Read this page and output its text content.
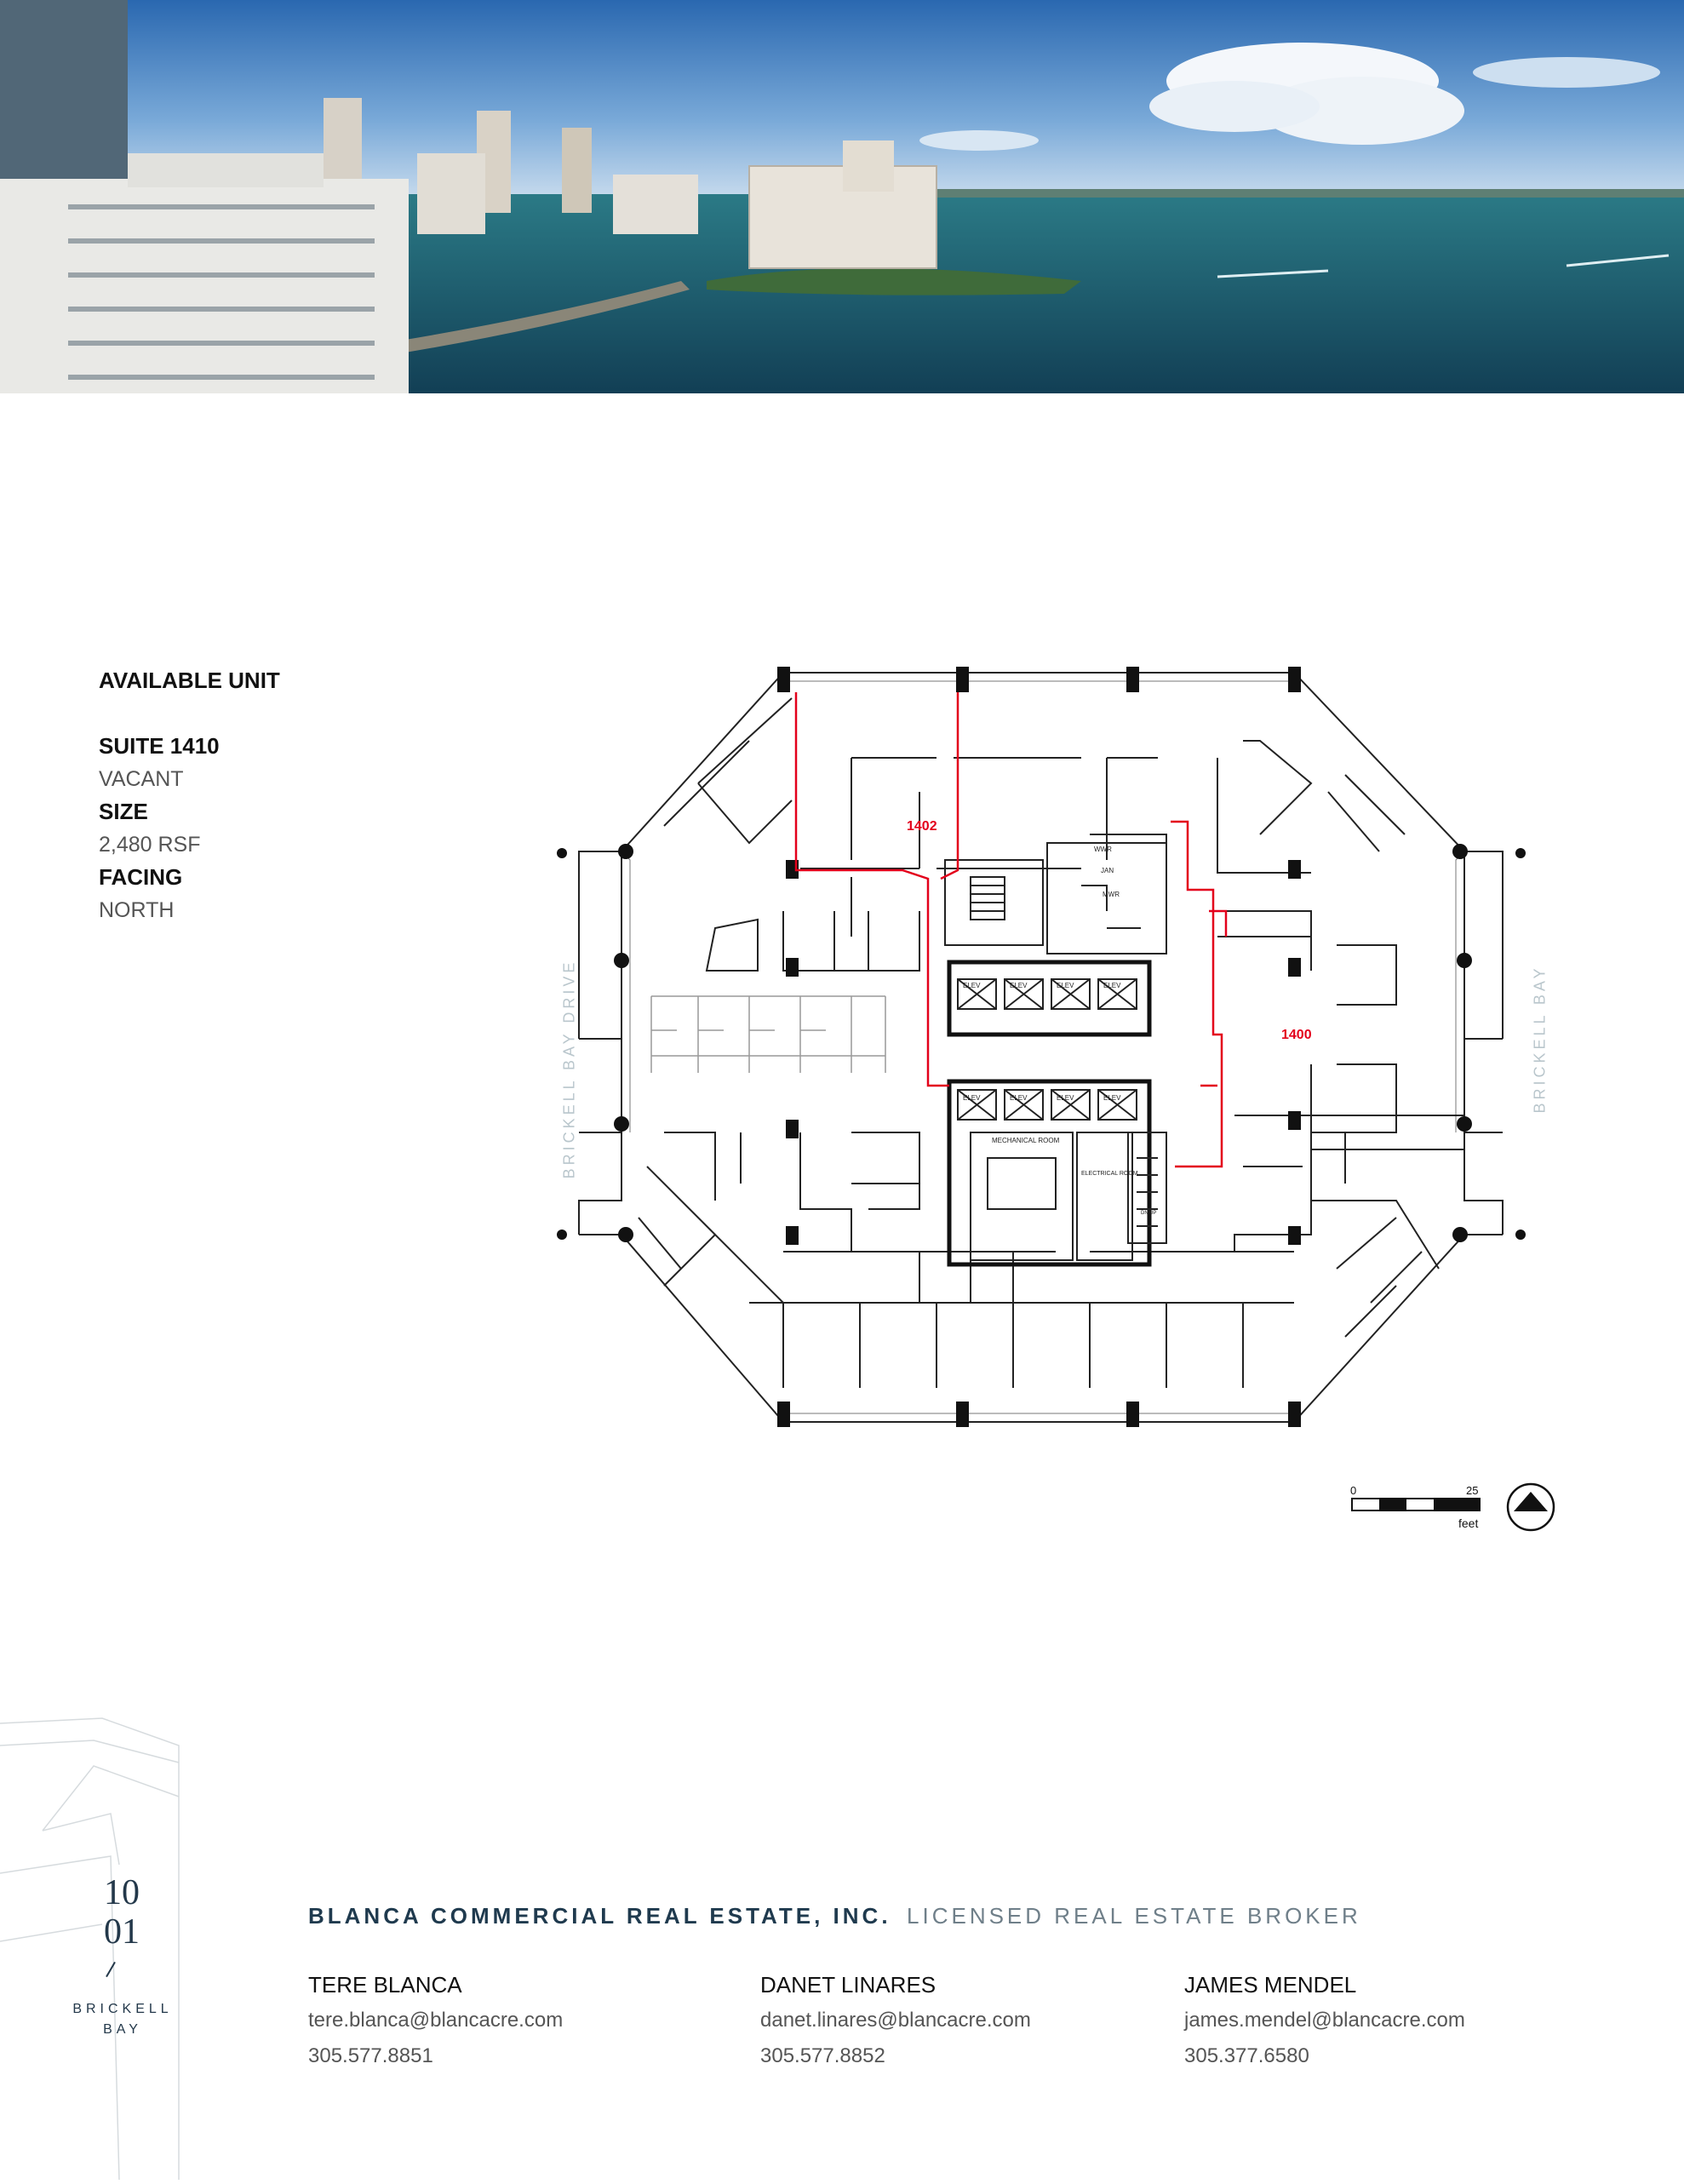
AVAILABLE UNIT
SUITE 1410
VACANT
SIZE
2,480 RSF
FACING
NORTH
BRICKELL BAY DRIVE	BRICKELL BAY
1402
1400
WWR
MWR
JAN
ELEV	ELEV	ELEV	ELEV
ELEV	ELEV	ELEV	ELEV
MECHANICAL ROOM
ELECTRICAL ROOM
DN UP
0	25
feet
10
01
BRICKELL
BAY
BLANCA COMMERCIAL REAL ESTATE, INC. LICENSED REAL ESTATE BROKER
TERE BLANCA
tere.blanca@blancacre.com
305.577.8851
DANET LINARES
danet.linares@blancacre.com
305.577.8852
JAMES MENDEL
james.mendel@blancacre.com
305.377.6580
